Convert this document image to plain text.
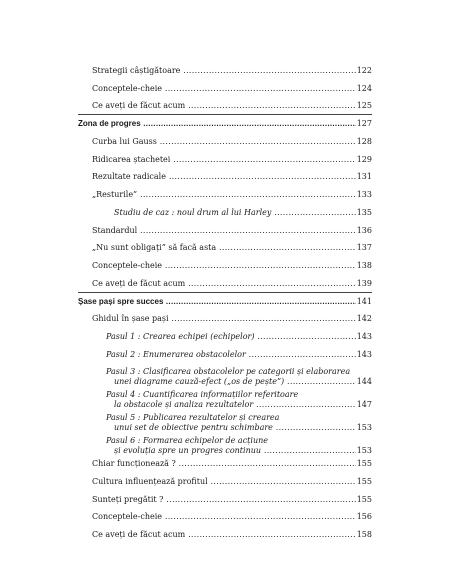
Strategii câștigătoare .....	122
Conceptele-cheie .....	124
Ce aveți de făcut acum .....	125
Zona de progres .....	127
Curba lui Gauss .....	128
Ridicarea ștachetei .....	129
Rezultate radicale .....	131
„Resturile” .....	133
Studiu de caz : noul drum al lui Harley .....	135
Standardul .....	136
„Nu sunt obligați” să facă asta .....	137
Conceptele-cheie .....	138
Ce aveți de făcut acum .....	139
Șase pași spre succes .....	141
Ghidul în șase pași .....	142
Pasul 1 : Crearea echipei (echipelor) .....	143
Pasul 2 : Enumerarea obstacolelor .....	143
Pasul 3 : Clasificarea obstacolelor pe categorii și elaborarea
unei diagrame cauză-efect („os de pește”) .....	144
Pasul 4 : Cuantificarea informațiilor referitoare
la obstacole și analiza rezultatelor .....	147
Pasul 5 : Publicarea rezultatelor și crearea
unui set de obiective pentru schimbare .....	153
Pasul 6 : Formarea echipelor de acțiune
și evoluția spre un progres continuu .....	153
Chiar funcționează ? .....	155
Cultura influențează profitul .....	155
Sunteți pregătit ? .....	155
Conceptele-cheie .....	156
Ce aveți de făcut acum .....	158
